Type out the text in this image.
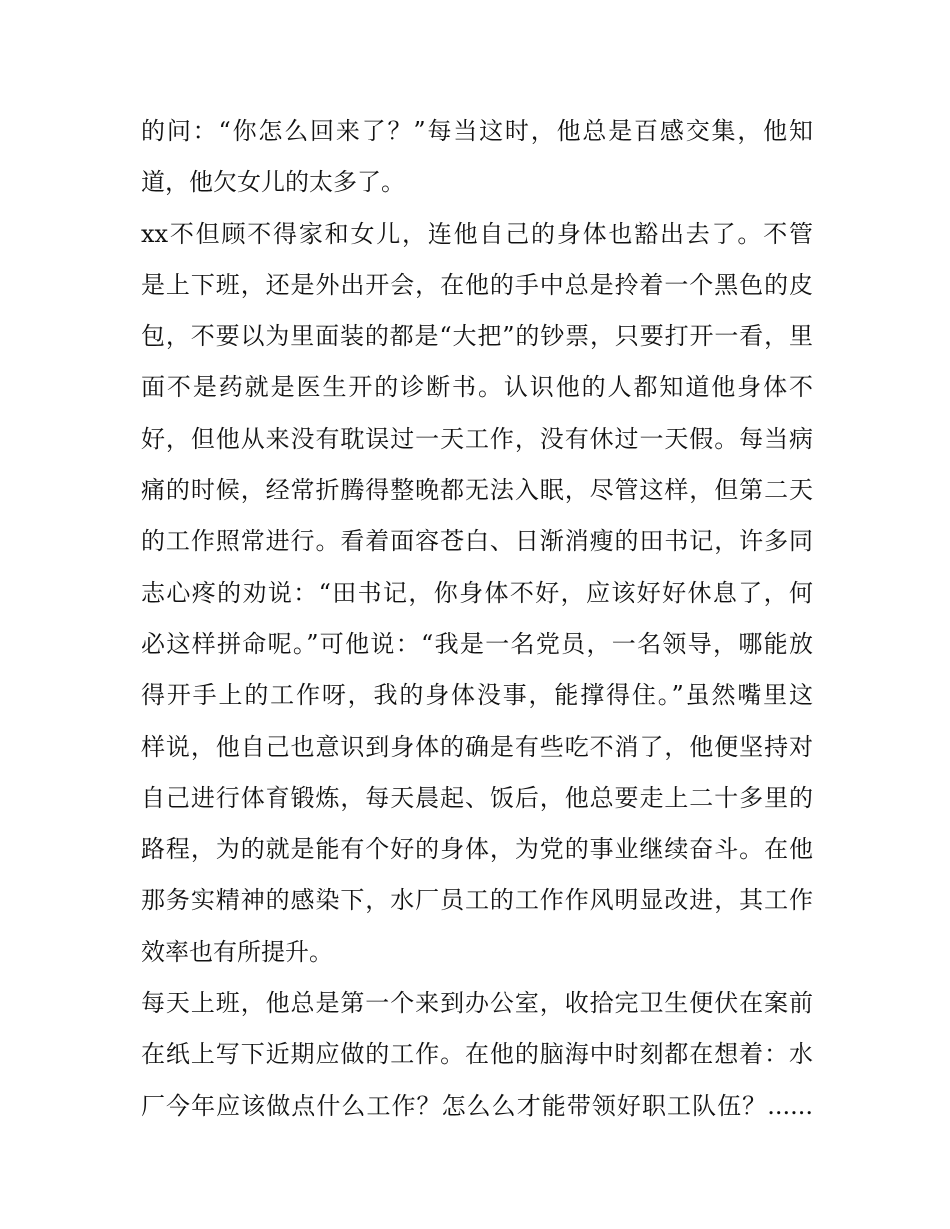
的问：“你怎么回来了？”每当这时，他总是百感交集，他知
道，他欠女儿的太多了。
xx不但顾不得家和女儿，连他自己的身体也豁出去了。不管
是上下班，还是外出开会，在他的手中总是拎着一个黑色的皮
包，不要以为里面装的都是“大把”的钞票，只要打开一看，里
面不是药就是医生开的诊断书。认识他的人都知道他身体不
好，但他从来没有耽误过一天工作，没有休过一天假。每当病
痛的时候，经常折腾得整晚都无法入眠，尽管这样，但第二天
的工作照常进行。看着面容苍白、日渐消瘦的田书记，许多同
志心疼的劝说：“田书记，你身体不好，应该好好休息了，何
必这样拼命呢。”可他说：“我是一名党员，一名领导，哪能放
得开手上的工作呀，我的身体没事，能撑得住。”虽然嘴里这
样说，他自己也意识到身体的确是有些吃不消了，他便坚持对
自己进行体育锻炼，每天晨起、饭后，他总要走上二十多里的
路程，为的就是能有个好的身体，为党的事业继续奋斗。在他
那务实精神的感染下，水厂员工的工作作风明显改进，其工作
效率也有所提升。
每天上班，他总是第一个来到办公室，收拾完卫生便伏在案前
在纸上写下近期应做的工作。在他的脑海中时刻都在想着：水
厂今年应该做点什么工作？怎么么才能带领好职工队伍？......
